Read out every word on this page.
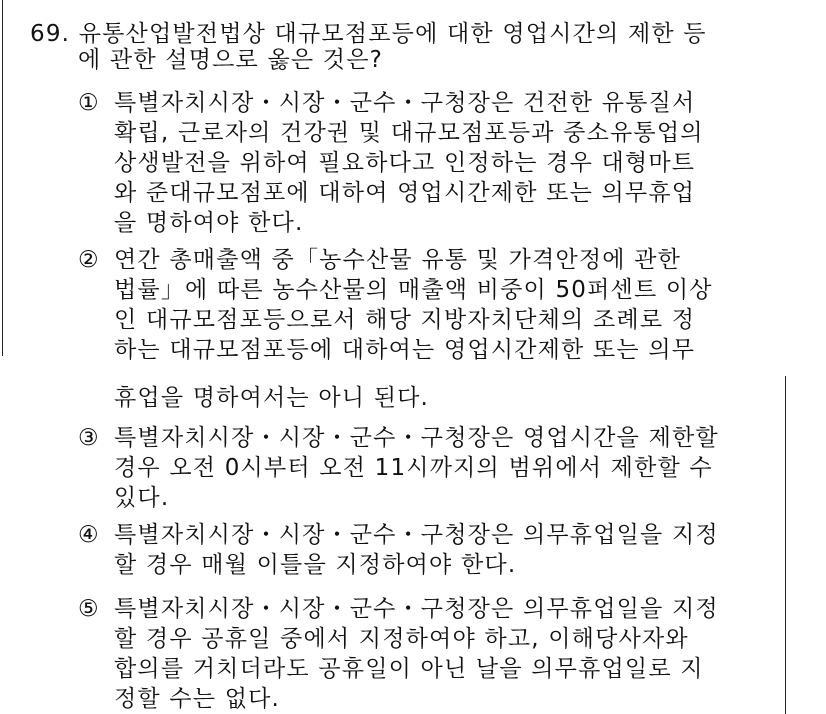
69. 유통산업발전법상 대규모점포등에 대한 영업시간의 제한 등
에 관한 설명으로 옳은 것은?
① 특별자치시장・시장・군수・구청장은 건전한 유통질서
확립, 근로자의 건강권 및 대규모점포등과 중소유통업의
상생발전을 위하여 필요하다고 인정하는 경우 대형마트
와 준대규모점포에 대하여 영업시간제한 또는 의무휴업
을 명하여야 한다.
② 연간 총매출액 중「농수산물 유통 및 가격안정에 관한
법률」에 따른 농수산물의 매출액 비중이 50퍼센트 이상
인 대규모점포등으로서 해당 지방자치단체의 조례로 정
하는 대규모점포등에 대하여는 영업시간제한 또는 의무
휴업을 명하여서는 아니 된다.
③ 특별자치시장・시장・군수・구청장은 영업시간을 제한할
경우 오전 0시부터 오전 11시까지의 범위에서 제한할 수
있다.
④ 특별자치시장・시장・군수・구청장은 의무휴업일을 지정
할 경우 매월 이틀을 지정하여야 한다.
⑤ 특별자치시장・시장・군수・구청장은 의무휴업일을 지정
할 경우 공휴일 중에서 지정하여야 하고, 이해당사자와
합의를 거치더라도 공휴일이 아닌 날을 의무휴업일로 지
정할 수는 없다.
